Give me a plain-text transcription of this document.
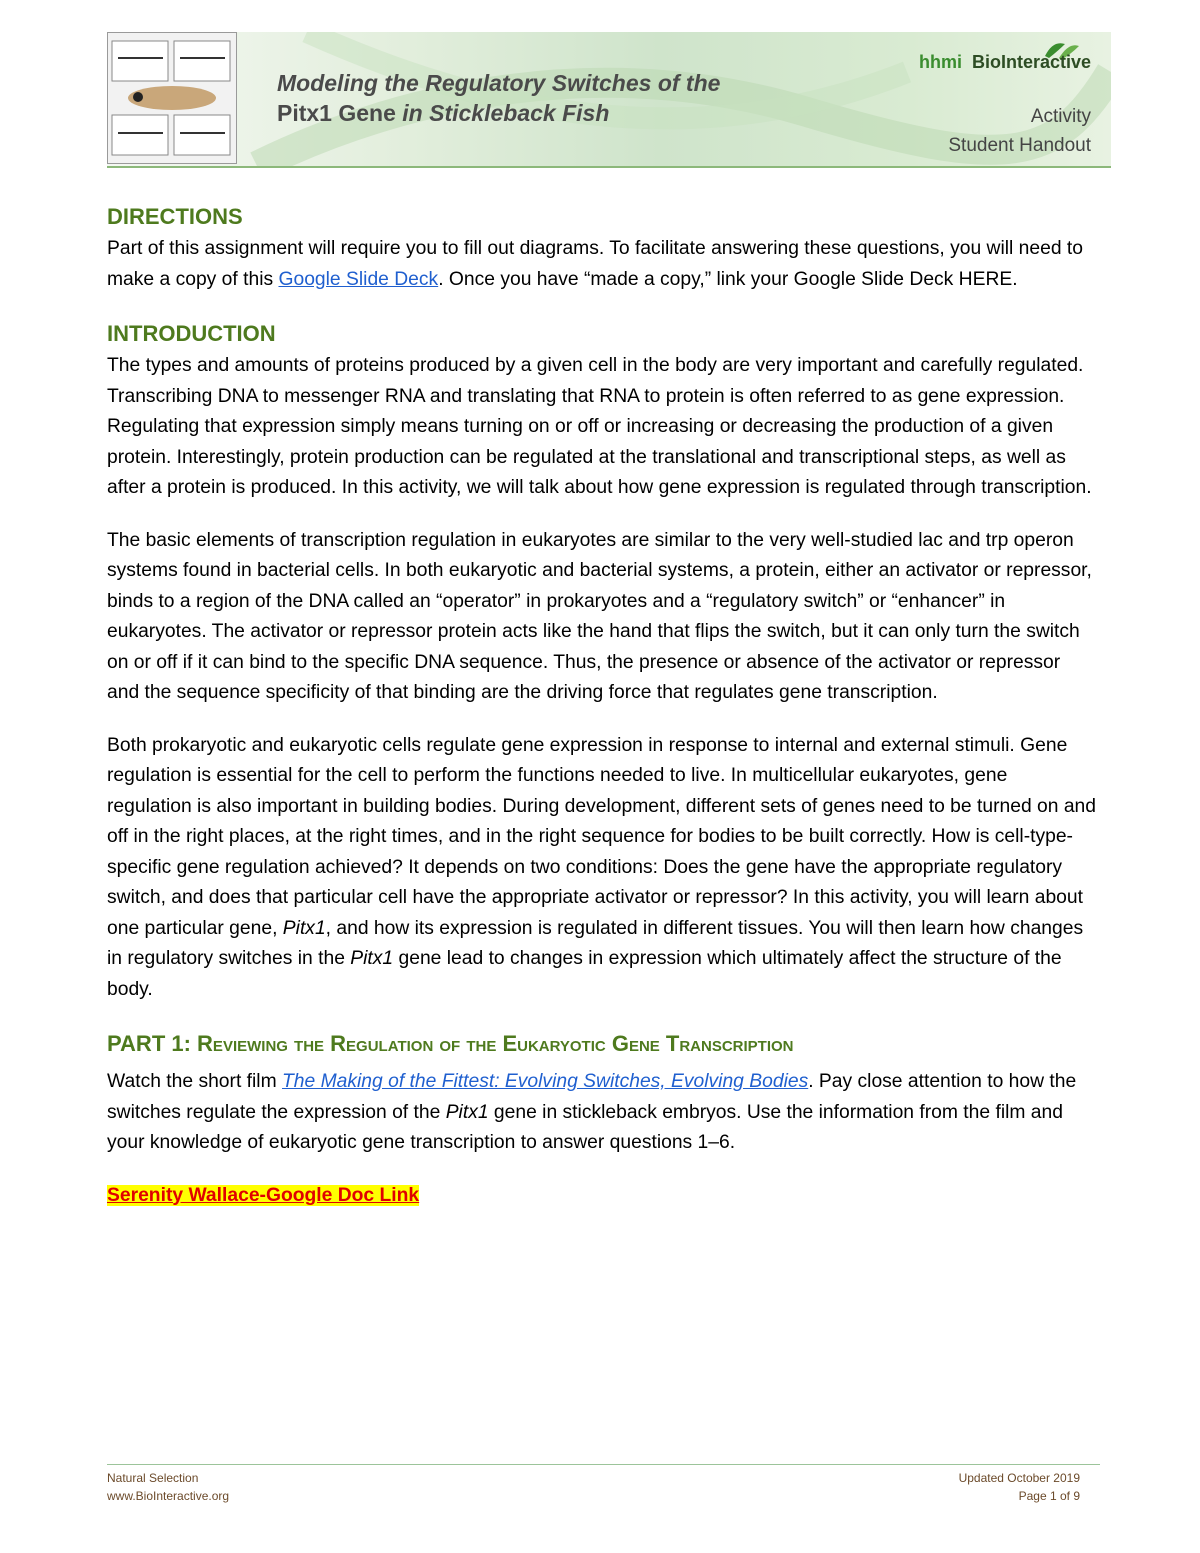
Modeling the Regulatory Switches of the
Pitx1 Gene in Stickleback Fish
hhmi BioInteractive
Activity
Student Handout
DIRECTIONS

Part of this assignment will require you to fill out diagrams. To facilitate answering these questions, you will need to make a copy of this Google Slide Deck. Once you have “made a copy,” link your Google Slide Deck HERE.

INTRODUCTION

The types and amounts of proteins produced by a given cell in the body are very important and carefully regulated. Transcribing DNA to messenger RNA and translating that RNA to protein is often referred to as gene expression. Regulating that expression simply means turning on or off or increasing or decreasing the production of a given protein. Interestingly, protein production can be regulated at the translational and transcriptional steps, as well as after a protein is produced. In this activity, we will talk about how gene expression is regulated through transcription.

The basic elements of transcription regulation in eukaryotes are similar to the very well-studied lac and trp operon systems found in bacterial cells. In both eukaryotic and bacterial systems, a protein, either an activator or repressor, binds to a region of the DNA called an “operator” in prokaryotes and a “regulatory switch” or “enhancer” in eukaryotes. The activator or repressor protein acts like the hand that flips the switch, but it can only turn the switch on or off if it can bind to the specific DNA sequence. Thus, the presence or absence of the activator or repressor and the sequence specificity of that binding are the driving force that regulates gene transcription.

Both prokaryotic and eukaryotic cells regulate gene expression in response to internal and external stimuli. Gene regulation is essential for the cell to perform the functions needed to live. In multicellular eukaryotes, gene regulation is also important in building bodies. During development, different sets of genes need to be turned on and off in the right places, at the right times, and in the right sequence for bodies to be built correctly. How is cell-type-specific gene regulation achieved? It depends on two conditions: Does the gene have the appropriate regulatory switch, and does that particular cell have the appropriate activator or repressor? In this activity, you will learn about one particular gene, Pitx1, and how its expression is regulated in different tissues. You will then learn how changes in regulatory switches in the Pitx1 gene lead to changes in expression which ultimately affect the structure of the body.

PART 1: Reviewing the Regulation of the Eukaryotic Gene Transcription

Watch the short film The Making of the Fittest: Evolving Switches, Evolving Bodies. Pay close attention to how the switches regulate the expression of the Pitx1 gene in stickleback embryos. Use the information from the film and your knowledge of eukaryotic gene transcription to answer questions 1–6.

Serenity Wallace-Google Doc Link

Natural Selection
www.BioInteractive.org
Updated October 2019
Page 1 of 9
